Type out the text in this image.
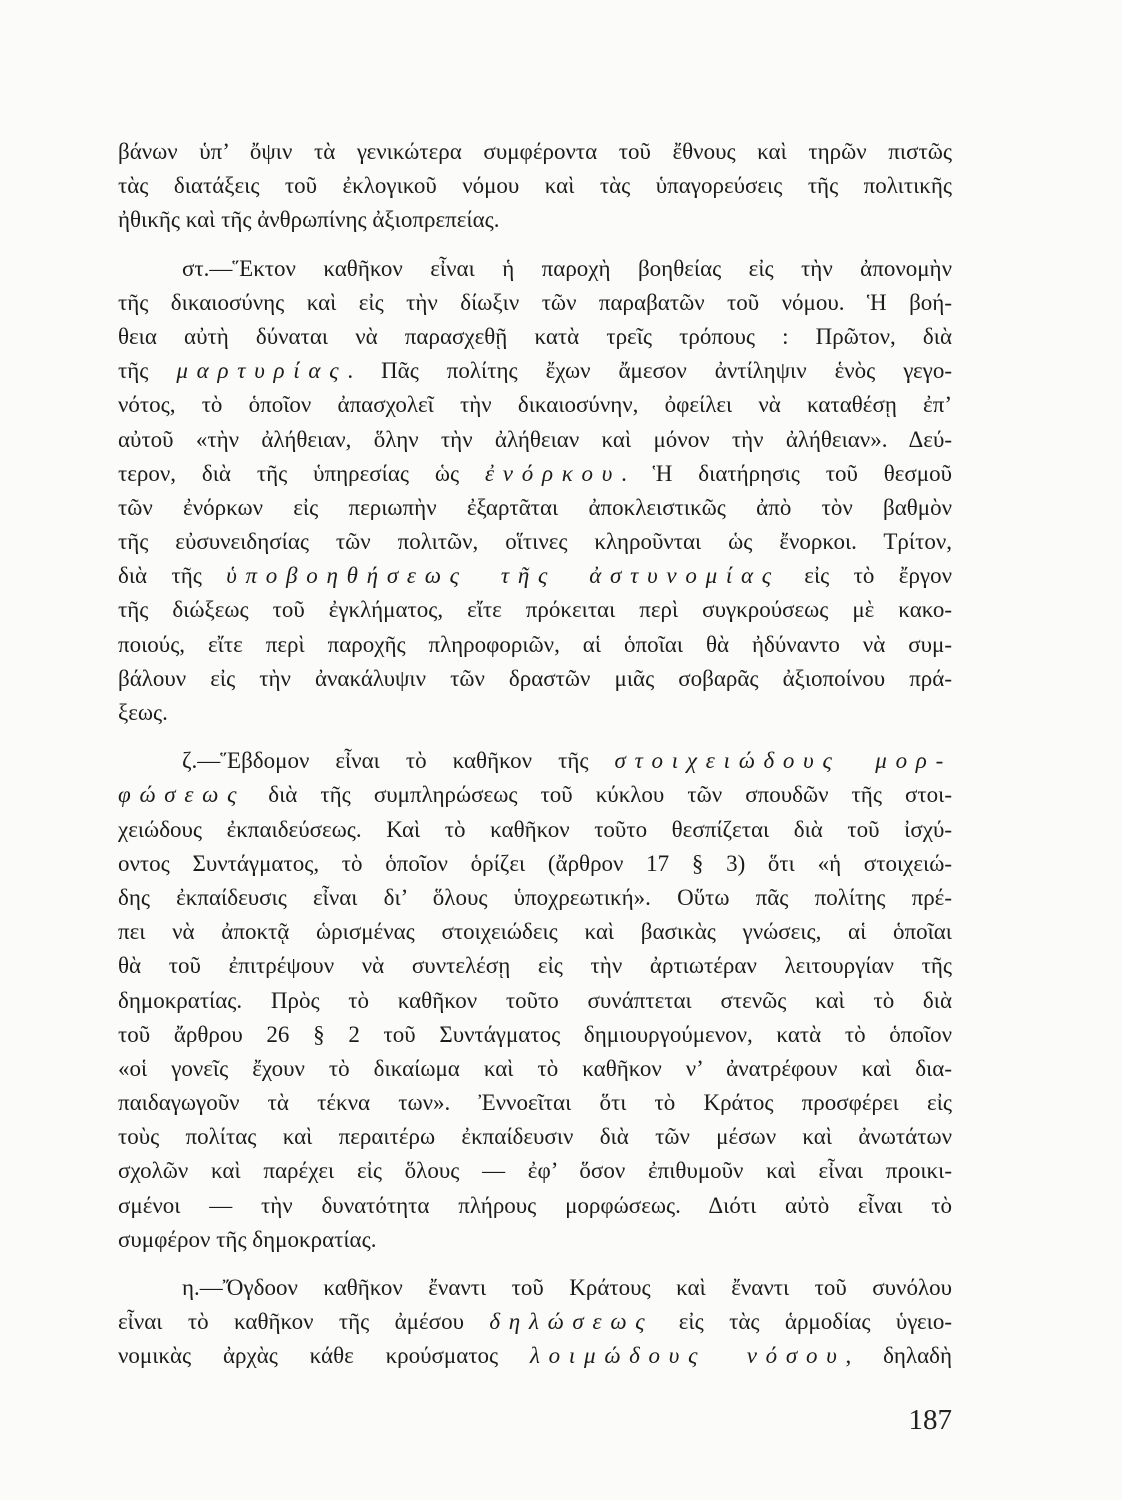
βάνων ὑπ’ ὄψιν τὰ γενικώτερα συμφέροντα τοῦ ἔθνους καὶ τηρῶν πιστῶς
τὰς διατάξεις τοῦ ἐκλογικοῦ νόμου καὶ τὰς ὑπαγορεύσεις τῆς πολιτικῆς
ἠθικῆς καὶ τῆς ἀνθρωπίνης ἀξιοπρεπείας.
στ.—Ἕκτον καθῆκον εἶναι ἡ παροχὴ βοηθείας εἰς τὴν ἀπονομὴν
τῆς δικαιοσύνης καὶ εἰς τὴν δίωξιν τῶν παραβατῶν τοῦ νόμου. Ἡ βοή-
θεια αὐτὴ δύναται νὰ παρασχεθῇ κατὰ τρεῖς τρόπους : Πρῶτον, διὰ
τῆς μαρτυρίας. Πᾶς πολίτης ἔχων ἄμεσον ἀντίληψιν ἑνὸς γεγο-
νότος, τὸ ὁποῖον ἀπασχολεῖ τὴν δικαιοσύνην, ὀφείλει νὰ καταθέσῃ ἐπ’
αὐτοῦ «τὴν ἀλήθειαν, ὅλην τὴν ἀλήθειαν καὶ μόνον τὴν ἀλήθειαν». Δεύ-
τερον, διὰ τῆς ὑπηρεσίας ὡς ἐνόρκου. Ἡ διατήρησις τοῦ θεσμοῦ
τῶν ἐνόρκων εἰς περιωπὴν ἐξαρτᾶται ἀποκλειστικῶς ἀπὸ τὸν βαθμὸν
τῆς εὐσυνειδησίας τῶν πολιτῶν, οἵτινες κληροῦνται ὡς ἔνορκοι. Τρίτον,
διὰ τῆς ὑποβοηθήσεως τῆς ἀστυνομίας εἰς τὸ ἔργον
τῆς διώξεως τοῦ ἐγκλήματος, εἴτε πρόκειται περὶ συγκρούσεως μὲ κακο-
ποιούς, εἴτε περὶ παροχῆς πληροφοριῶν, αἱ ὁποῖαι θὰ ἠδύναντο νὰ συμ-
βάλουν εἰς τὴν ἀνακάλυψιν τῶν δραστῶν μιᾶς σοβαρᾶς ἀξιοποίνου πρά-
ξεως.
ζ.—Ἕβδομον εἶναι τὸ καθῆκον τῆς στοιχειώδους μορ-
φώσεως διὰ τῆς συμπληρώσεως τοῦ κύκλου τῶν σπουδῶν τῆς στοι-
χειώδους ἐκπαιδεύσεως. Καὶ τὸ καθῆκον τοῦτο θεσπίζεται διὰ τοῦ ἰσχύ-
οντος Συντάγματος, τὸ ὁποῖον ὁρίζει (ἄρθρον 17 § 3) ὅτι «ἡ στοιχειώ-
δης ἐκπαίδευσις εἶναι δι’ ὅλους ὑποχρεωτική». Οὕτω πᾶς πολίτης πρέ-
πει νὰ ἀποκτᾷ ὡρισμένας στοιχειώδεις καὶ βασικὰς γνώσεις, αἱ ὁποῖαι
θὰ τοῦ ἐπιτρέψουν νὰ συντελέσῃ εἰς τὴν ἀρτιωτέραν λειτουργίαν τῆς
δημοκρατίας. Πρὸς τὸ καθῆκον τοῦτο συνάπτεται στενῶς καὶ τὸ διὰ
τοῦ ἄρθρου 26 § 2 τοῦ Συντάγματος δημιουργούμενον, κατὰ τὸ ὁποῖον
«οἱ γονεῖς ἔχουν τὸ δικαίωμα καὶ τὸ καθῆκον ν’ ἀνατρέφουν καὶ δια-
παιδαγωγοῦν τὰ τέκνα των». Ἐννοεῖται ὅτι τὸ Κράτος προσφέρει εἰς
τοὺς πολίτας καὶ περαιτέρω ἐκπαίδευσιν διὰ τῶν μέσων καὶ ἀνωτάτων
σχολῶν καὶ παρέχει εἰς ὅλους — ἐφ’ ὅσον ἐπιθυμοῦν καὶ εἶναι προικι-
σμένοι — τὴν δυνατότητα πλήρους μορφώσεως. Διότι αὐτὸ εἶναι τὸ
συμφέρον τῆς δημοκρατίας.
η.—Ὄγδοον καθῆκον ἔναντι τοῦ Κράτους καὶ ἔναντι τοῦ συνόλου
εἶναι τὸ καθῆκον τῆς ἀμέσου δηλώσεως εἰς τὰς ἁρμοδίας ὑγειο-
νομικὰς ἀρχὰς κάθε κρούσματος λοιμώδους νόσου, δηλαδὴ
187
